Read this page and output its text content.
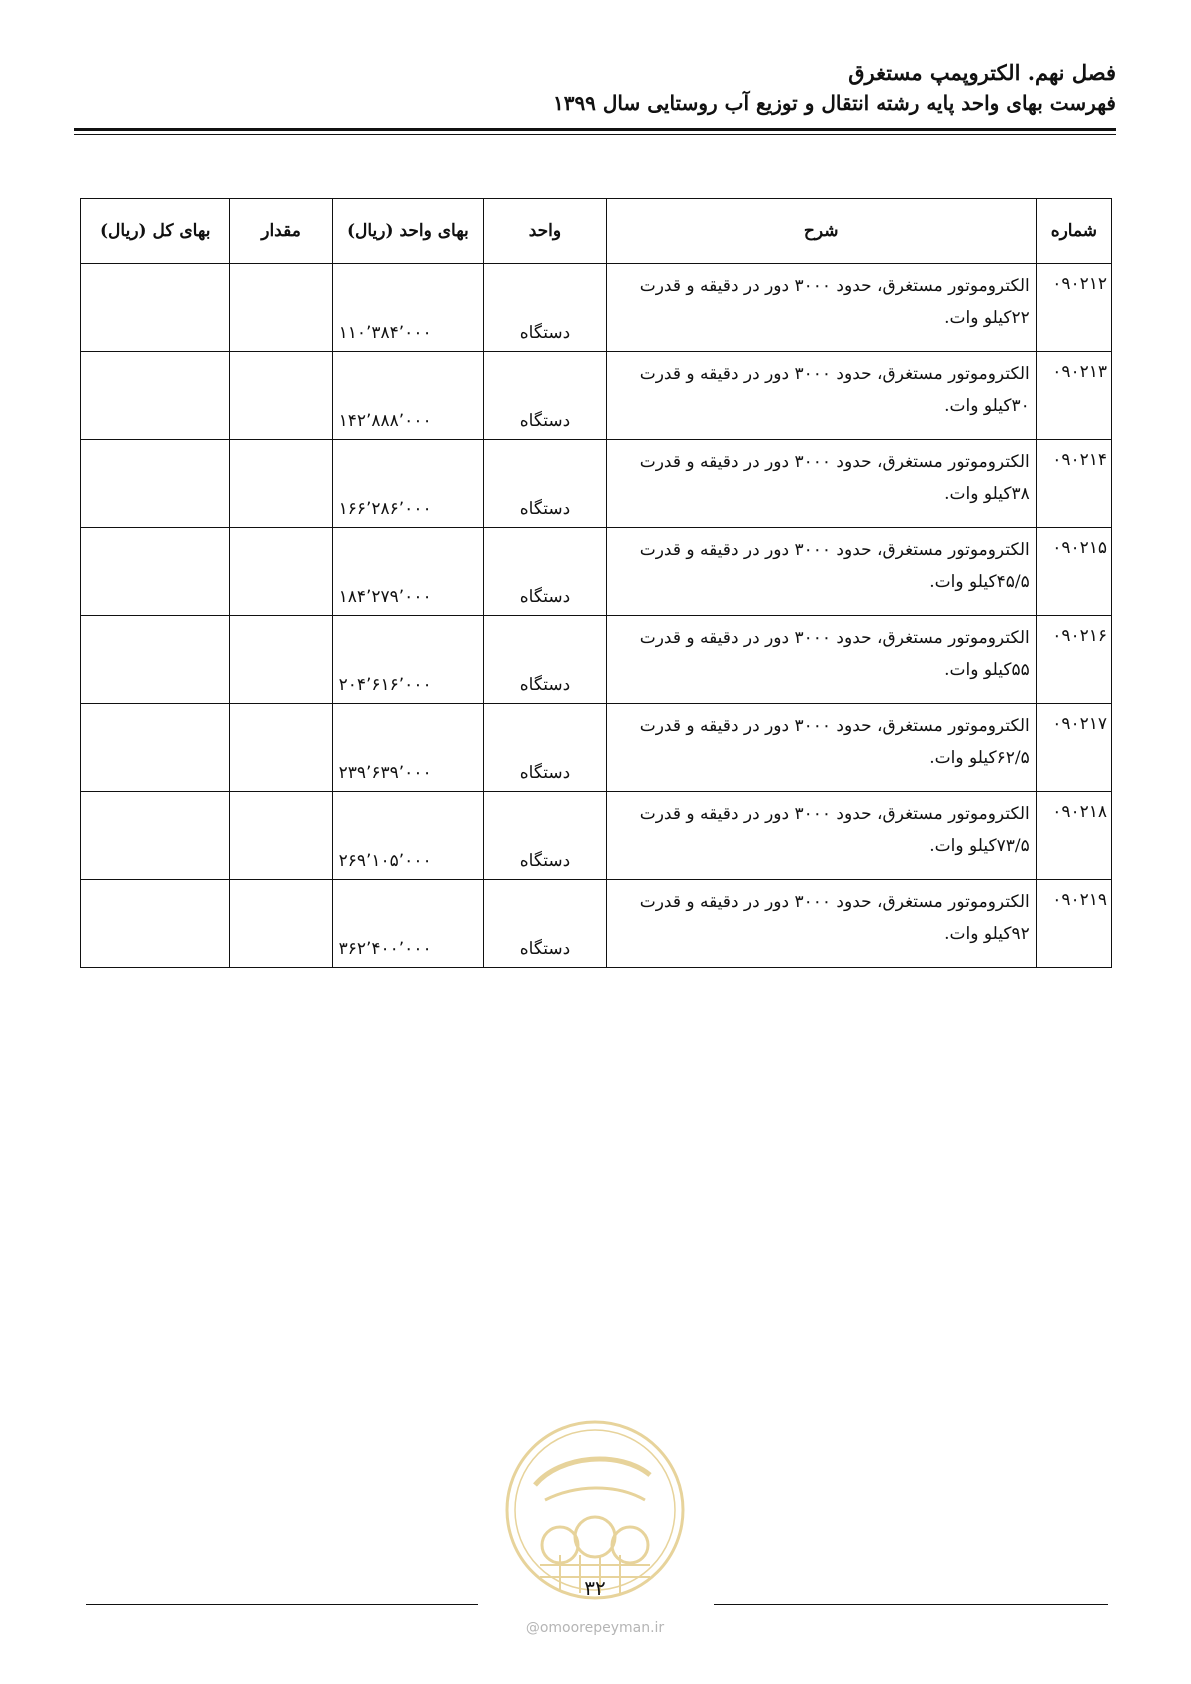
فصل نهم. الکتروپمپ مستغرق
فهرست بهای واحد پایه رشته انتقال و توزیع آب روستایی سال ۱۳۹۹
شماره	شرح	واحد	بهای واحد (ریال)	مقدار	بهای کل (ریال)
۰۹۰۲۱۲	الکتروموتور مستغرق، حدود ۳۰۰۰ دور در دقیقه و قدرت ۲۲کیلو وات.	دستگاه	۱۱۰٬۳۸۴٬۰۰۰		
۰۹۰۲۱۳	الکتروموتور مستغرق، حدود ۳۰۰۰ دور در دقیقه و قدرت ۳۰کیلو وات.	دستگاه	۱۴۲٬۸۸۸٬۰۰۰		
۰۹۰۲۱۴	الکتروموتور مستغرق، حدود ۳۰۰۰ دور در دقیقه و قدرت ۳۸کیلو وات.	دستگاه	۱۶۶٬۲۸۶٬۰۰۰		
۰۹۰۲۱۵	الکتروموتور مستغرق، حدود ۳۰۰۰ دور در دقیقه و قدرت ۴۵/۵کیلو وات.	دستگاه	۱۸۴٬۲۷۹٬۰۰۰		
۰۹۰۲۱۶	الکتروموتور مستغرق، حدود ۳۰۰۰ دور در دقیقه و قدرت ۵۵کیلو وات.	دستگاه	۲۰۴٬۶۱۶٬۰۰۰		
۰۹۰۲۱۷	الکتروموتور مستغرق، حدود ۳۰۰۰ دور در دقیقه و قدرت ۶۲/۵کیلو وات.	دستگاه	۲۳۹٬۶۳۹٬۰۰۰		
۰۹۰۲۱۸	الکتروموتور مستغرق، حدود ۳۰۰۰ دور در دقیقه و قدرت ۷۳/۵کیلو وات.	دستگاه	۲۶۹٬۱۰۵٬۰۰۰		
۰۹۰۲۱۹	الکتروموتور مستغرق، حدود ۳۰۰۰ دور در دقیقه و قدرت ۹۲کیلو وات.	دستگاه	۳۶۲٬۴۰۰٬۰۰۰		
۳۲
@omoorepeyman.ir
